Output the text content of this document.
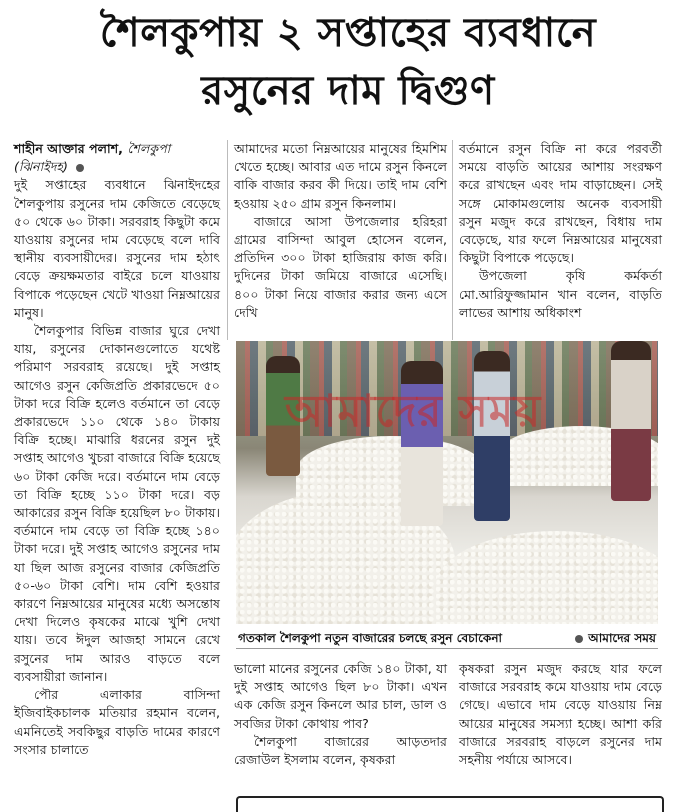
শৈলকুপায় ২ সপ্তাহের ব্যবধানে
রসুনের দাম দ্বিগুণ

শাহীন আক্তার পলাশ, শৈলকুপা

(ঝিনাইদহ)

দুই সপ্তাহের ব্যবধানে ঝিনাইদহের শৈলকুপায় রসুনের দাম কেজিতে বেড়েছে ৫০ থেকে ৬০ টাকা। সরবরাহ কিছুটা কমে যাওয়ায় রসুনের দাম বেড়েছে বলে দাবি স্থানীয় ব্যবসায়ীদের। রসুনের দাম হঠাৎ বেড়ে ক্রয়ক্ষমতার বাইরে চলে যাওয়ায় বিপাকে পড়েছেন খেটে খাওয়া নিম্নআয়ের মানুষ।

শৈলকুপার বিভিন্ন বাজার ঘুরে দেখা যায়, রসুনের দোকানগুলোতে যথেষ্ট পরিমাণ সরবরাহ রয়েছে। দুই সপ্তাহ আগেও রসুন কেজিপ্রতি প্রকারভেদে ৫০ টাকা দরে বিক্রি হলেও বর্তমানে তা বেড়ে প্রকারভেদে ১১০ থেকে ১৪০ টাকায় বিক্রি হচ্ছে। মাঝারি ধরনের রসুন দুই সপ্তাহ আগেও খুচরা বাজারে বিক্রি হয়েছে ৬০ টাকা কেজি দরে। বর্তমানে দাম বেড়ে তা বিক্রি হচ্ছে ১১০ টাকা দরে। বড় আকারের রসুন বিক্রি হয়েছিল ৮০ টাকায়। বর্তমানে দাম বেড়ে তা বিক্রি হচ্ছে ১৪০ টাকা দরে। দুই সপ্তাহ আগেও রসুনের দাম যা ছিল আজ রসুনের বাজার কেজিপ্রতি ৫০-৬০ টাকা বেশি। দাম বেশি হওয়ার কারণে নিম্নআয়ের মানুষের মধ্যে অসন্তোষ দেখা দিলেও কৃষকের মাঝে খুশি দেখা যায়। তবে ঈদুল আজহা সামনে রেখে রসুনের দাম আরও বাড়তে বলে ব্যবসায়ীরা জানান।

পৌর এলাকার বাসিন্দা ইজিবাইকচালক মতিয়ার রহমান বলেন, এমনিতেই সবকিছুর বাড়তি দামের কারণে সংসার চালাতে

আমাদের মতো নিম্নআয়ের মানুষের হিমশিম খেতে হচ্ছে। আবার এত দামে রসুন কিনলে বাকি বাজার করব কী দিয়ে। তাই দাম বেশি হওয়ায় ২৫০ গ্রাম রসুন কিনলাম।

বাজারে আসা উপজেলার হরিহরা গ্রামের বাসিন্দা আবুল হোসেন বলেন, প্রতিদিন ৩০০ টাকা হাজিরায় কাজ করি। দুদিনের টাকা জমিয়ে বাজারে এসেছি। ৪০০ টাকা নিয়ে বাজার করার জন্য এসে দেখি

বর্তমানে রসুন বিক্রি না করে পরবর্তী সময়ে বাড়তি আয়ের আশায় সংরক্ষণ করে রাখছেন এবং দাম বাড়াচ্ছেন। সেই সঙ্গে মোকামগুলোয় অনেক ব্যবসায়ী রসুন মজুদ করে রাখছেন, বিধায় দাম বেড়েছে, যার ফলে নিম্নআয়ের মানুষেরা কিছুটা বিপাকে পড়েছে।

উপজেলা কৃষি কর্মকর্তা মো.আরিফুজ্জামান খান বলেন, বাড়তি লাভের আশায় অধিকাংশ

আমাদের সময়
গতকাল শৈলকুপা নতুন বাজারের চলছে রসুন বেচাকেনা	আমাদের সময়

ভালো মানের রসুনের কেজি ১৪০ টাকা, যা দুই সপ্তাহ আগেও ছিল ৮০ টাকা। এখন এক কেজি রসুন কিনলে আর চাল, ডাল ও সবজির টাকা কোথায় পাব?

শৈলকুপা বাজারের আড়তদার রেজাউল ইসলাম বলেন, কৃষকরা

কৃষকরা রসুন মজুদ করছে যার ফলে বাজারে সরবরাহ কমে যাওয়ায় দাম বেড়ে গেছে। এভাবে দাম বেড়ে যাওয়ায় নিম্ন আয়ের মানুষের সমস্যা হচ্ছে। আশা করি বাজারে সরবরাহ বাড়লে রসুনের দাম সহনীয় পর্যায়ে আসবে।
